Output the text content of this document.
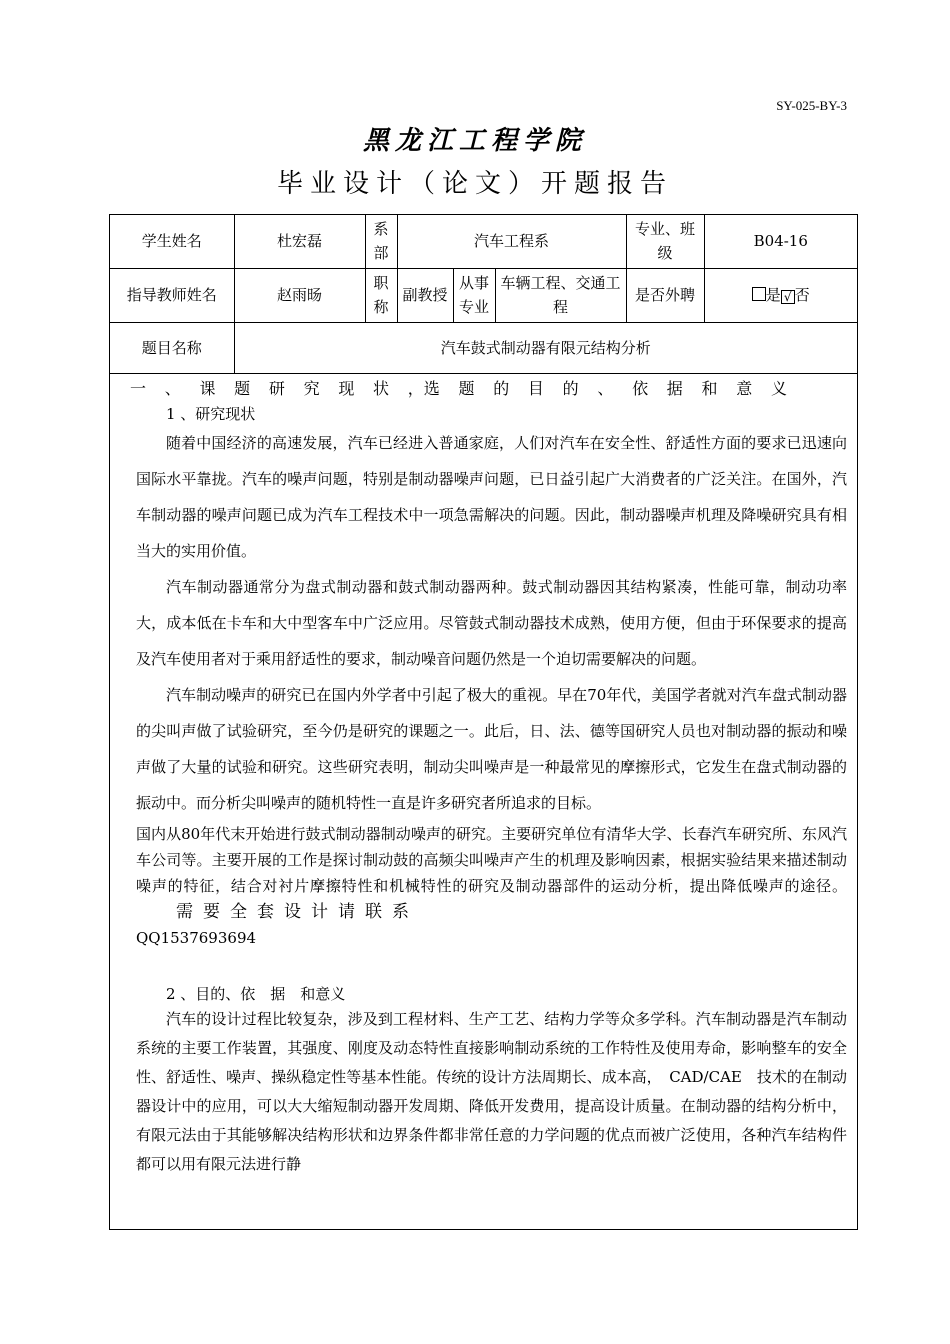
SY-025-BY-3
黑龙江工程学院
毕业设计（论文）开题报告
学生姓名	杜宏磊	系部	汽车工程系			专业、班级	B04-16
指导教师姓名	赵雨旸	职称	副教授	从事专业	车辆工程、交通工程	是否外聘	是 √ 否
题目名称	汽车鼓式制动器有限元结构分析						
一 、 课 题 研 究 现 状 ，选 题 的 目 的 、 依 据 和 意 义
1 、研究现状

随着中国经济的高速发展，汽车已经进入普通家庭，人们对汽车在安全性、舒适性方面的要求已迅速向国际水平靠拢。汽车的噪声问题，特别是制动器噪声问题，已日益引起广大消费者的广泛关注。在国外，汽车制动器的噪声问题已成为汽车工程技术中一项急需解决的问题。因此，制动器噪声机理及降噪研究具有相当大的实用价值。

汽车制动器通常分为盘式制动器和鼓式制动器两种。鼓式制动器因其结构紧凑，性能可靠，制动功率大，成本低在卡车和大中型客车中广泛应用。尽管鼓式制动器技术成熟，使用方便，但由于环保要求的提高及汽车使用者对于乘用舒适性的要求，制动噪音问题仍然是一个迫切需要解决的问题。

汽车制动噪声的研究已在国内外学者中引起了极大的重视。早在70年代，美国学者就对汽车盘式制动器的尖叫声做了试验研究，至今仍是研究的课题之一。此后，日、法、德等国研究人员也对制动器的振动和噪声做了大量的试验和研究。这些研究表明，制动尖叫噪声是一种最常见的摩擦形式，它发生在盘式制动器的振动中。而分析尖叫噪声的随机特性一直是许多研究者所追求的目标。

国内从80年代末开始进行鼓式制动器制动噪声的研究。主要研究单位有清华大学、长春汽车研究所、东风汽车公司等。主要开展的工作是探讨制动鼓的高频尖叫噪声产生的机理及影响因素，根据实验结果来描述制动噪声的特征，结合对衬片摩擦特性和机械特性的研究及制动器部件的运动分析，提出降低噪声的途径。需要全套设计请联系
QQ1537693694

2 、目的、依　据　和意义

汽车的设计过程比较复杂，涉及到工程材料、生产工艺、结构力学等众多学科。汽车制动器是汽车制动系统的主要工作装置，其强度、刚度及动态特性直接影响制动系统的工作特性及使用寿命，影响整车的安全性、舒适性、噪声、操纵稳定性等基本性能。传统的设计方法周期长、成本高，　CAD/CAE　技术的在制动器设计中的应用，可以大大缩短制动器开发周期、降低开发费用，提高设计质量。在制动器的结构分析中，有限元法由于其能够解决结构形状和边界条件都非常任意的力学问题的优点而被广泛使用，各种汽车结构件都可以用有限元法进行静
